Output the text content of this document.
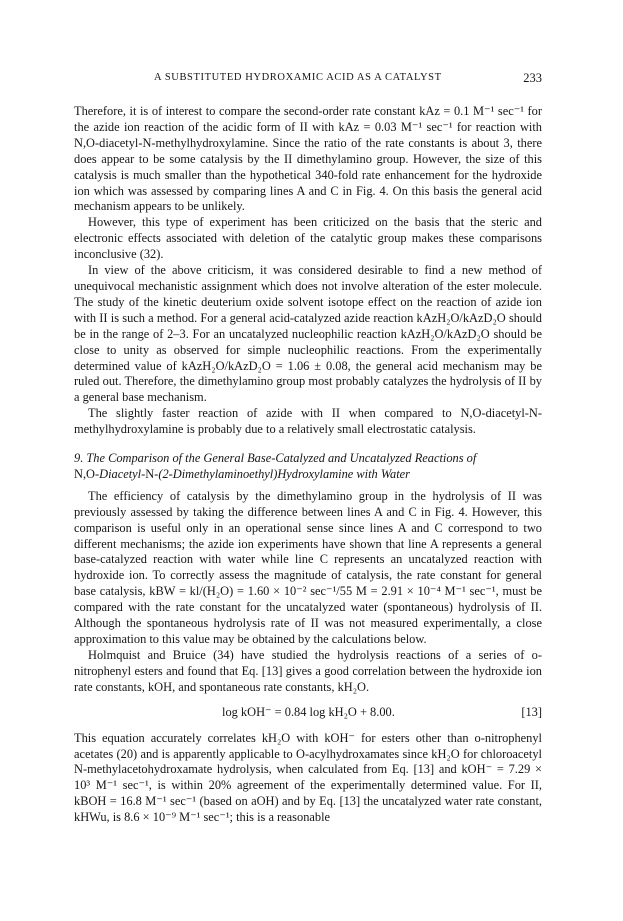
A SUBSTITUTED HYDROXAMIC ACID AS A CATALYST	233

Therefore, it is of interest to compare the second-order rate constant kAz = 0.1 M⁻¹ sec⁻¹ for the azide ion reaction of the acidic form of II with kAz = 0.03 M⁻¹ sec⁻¹ for reaction with N,O-diacetyl-N-methylhydroxylamine. Since the ratio of the rate constants is about 3, there does appear to be some catalysis by the II dimethylamino group. However, the size of this catalysis is much smaller than the hypothetical 340-fold rate enhancement for the hydroxide ion which was assessed by comparing lines A and C in Fig. 4. On this basis the general acid mechanism appears to be unlikely.

However, this type of experiment has been criticized on the basis that the steric and electronic effects associated with deletion of the catalytic group makes these comparisons inconclusive (32).

In view of the above criticism, it was considered desirable to find a new method of unequivocal mechanistic assignment which does not involve alteration of the ester molecule. The study of the kinetic deuterium oxide solvent isotope effect on the reaction of azide ion with II is such a method. For a general acid-catalyzed azide reaction kAzH₂O/kAzD₂O should be in the range of 2–3. For an uncatalyzed nucleophilic reaction kAzH₂O/kAzD₂O should be close to unity as observed for simple nucleophilic reactions. From the experimentally determined value of kAzH₂O/kAzD₂O = 1.06 ± 0.08, the general acid mechanism may be ruled out. Therefore, the dimethylamino group most probably catalyzes the hydrolysis of II by a general base mechanism.

The slightly faster reaction of azide with II when compared to N,O-diacetyl-N-methylhydroxylamine is probably due to a relatively small electrostatic catalysis.

9. The Comparison of the General Base-Catalyzed and Uncatalyzed Reactions of
N,O-Diacetyl-N-(2-Dimethylaminoethyl)Hydroxylamine with Water

The efficiency of catalysis by the dimethylamino group in the hydrolysis of II was previously assessed by taking the difference between lines A and C in Fig. 4. However, this comparison is useful only in an operational sense since lines A and C correspond to two different mechanisms; the azide ion experiments have shown that line A represents a general base-catalyzed reaction with water while line C represents an uncatalyzed reaction with hydroxide ion. To correctly assess the magnitude of catalysis, the rate constant for general base catalysis, kBW = kl/(H₂O) = 1.60 × 10⁻² sec⁻¹/55 M = 2.91 × 10⁻⁴ M⁻¹ sec⁻¹, must be compared with the rate constant for the uncatalyzed water (spontaneous) hydrolysis of II. Although the spontaneous hydrolysis rate of II was not measured experimentally, a close approximation to this value may be obtained by the calculations below.

Holmquist and Bruice (34) have studied the hydrolysis reactions of a series of o-nitrophenyl esters and found that Eq. [13] gives a good correlation between the hydroxide ion rate constants, kOH, and spontaneous rate constants, kH₂O.

log kOH⁻ = 0.84 log kH₂O + 8.00.	[13]

This equation accurately correlates kH₂O with kOH⁻ for esters other than o-nitrophenyl acetates (20) and is apparently applicable to O-acylhydroxamates since kH₂O for chloroacetyl N-methylacetohydroxamate hydrolysis, when calculated from Eq. [13] and kOH⁻ = 7.29 × 10³ M⁻¹ sec⁻¹, is within 20% agreement of the experimentally determined value. For II, kBOH = 16.8 M⁻¹ sec⁻¹ (based on aOH) and by Eq. [13] the uncatalyzed water rate constant, kHWu, is 8.6 × 10⁻⁹ M⁻¹ sec⁻¹; this is a reasonable
